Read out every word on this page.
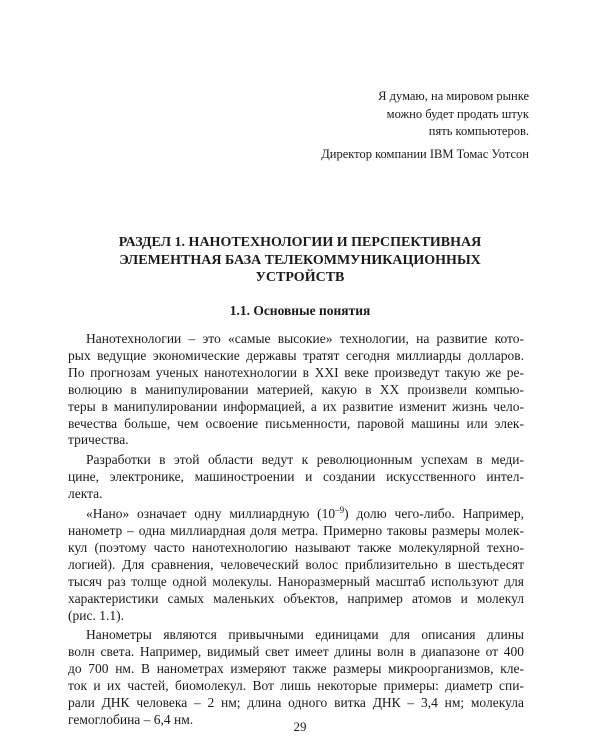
Я думаю, на мировом рынке
можно будет продать штук
пять компьютеров.
Директор компании IBM Томас Уотсон
РАЗДЕЛ 1. НАНОТЕХНОЛОГИИ И ПЕРСПЕКТИВНАЯ
ЭЛЕМЕНТНАЯ БАЗА ТЕЛЕКОММУНИКАЦИОННЫХ
УСТРОЙСТВ
1.1. Основные понятия

Нанотехнологии – это «самые высокие» технологии, на развитие кото-
рых ведущие экономические державы тратят сегодня миллиарды долларов.
По прогнозам ученых нанотехнологии в XXI веке произведут такую же ре-
волюцию в манипулировании материей, какую в XX произвели компью-
теры в манипулировании информацией, а их развитие изменит жизнь чело-
вечества больше, чем освоение письменности, паровой машины или элек-
тричества.

Разработки в этой области ведут к революционным успехам в меди-
цине, электронике, машиностроении и создании искусственного интел-
лекта.

«Нано» означает одну миллиардную $(10^{-9})$ долю чего-либо. Например,
нанометр – одна миллиардная доля метра. Примерно таковы размеры молек-
кул (поэтому часто нанотехнологию называют также молекулярной техно-
логией). Для сравнения, человеческий волос приблизительно в шестьдесят
тысяч раз толще одной молекулы. Наноразмерный масштаб используют для
характеристики самых маленьких объектов, например атомов и молекул
(рис. 1.1).

Нанометры являются привычными единицами для описания длины
волн света. Например, видимый свет имеет длины волн в диапазоне от 400
до 700 нм. В нанометрах измеряют также размеры микроорганизмов, кле-
ток и их частей, биомолекул. Вот лишь некоторые примеры: диаметр спи-
рали ДНК человека – 2 нм; длина одного витка ДНК – 3,4 нм; молекула
гемоглобина – 6,4 нм.	29
